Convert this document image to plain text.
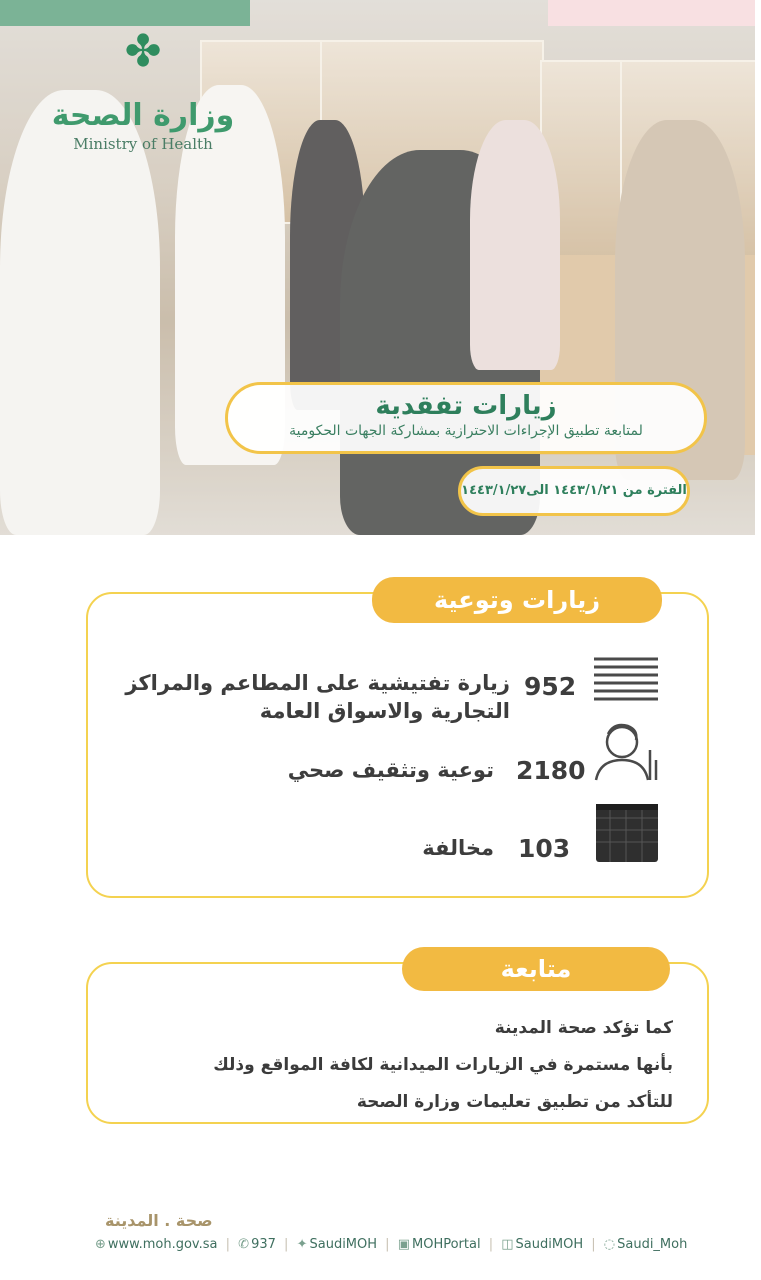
✤
وزارة الصحة
Ministry of Health
زيارات تفقدية
لمتابعة تطبيق الإجراءات الاحترازية بمشاركة الجهات الحكومية
الفترة من ١٤٤٣/١/٢١ الى١٤٤٣/١/٢٧
زيارات وتوعية
952
زيارة تفتيشية على المطاعم والمراكز التجارية والاسواق العامة
2180
توعية وتثقيف صحي
103
مخالفة
متابعة
كما تؤكد صحة المدينة
بأنها مستمرة في الزيارات الميدانية لكافة المواقع وذلك
للتأكد من تطبيق تعليمات وزارة الصحة
صحة . المدينة
⊕ www.moh.gov.sa | ✆ 937 | ✦ SaudiMOH | ▣ MOHPortal | ◫ SaudiMOH | ◌ Saudi_Moh
